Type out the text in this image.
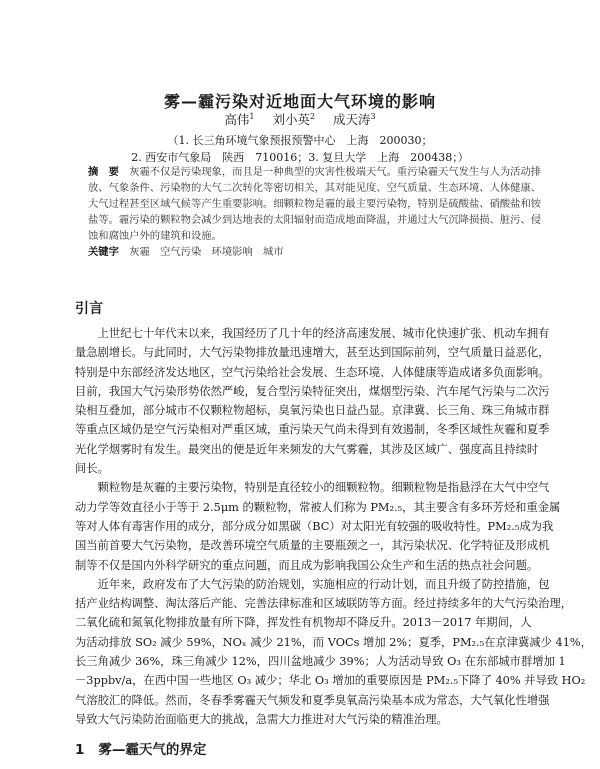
雾—霾污染对近地面大气环境的影响
高伟$^1$ 刘小英$^2$ 成天涛$^3$
（1. 长三角环境气象预报预警中心　上海　200030；
2. 西安市气象局　陕西　710016；3. 复旦大学　上海　200438；）
摘　要　 灰霾不仅是污染现象，而且是一种典型的灾害性极端天气。重污染霾天气发生与人为活动排
放、气象条件、污染物的大气二次转化等密切相关，其对能见度、空气质量、生态环境、人体健康、
大气过程甚至区域气候等产生重要影响。细颗粒物是霾的最主要污染物，特别是硫酸盐、硝酸盐和铵
盐等。霾污染的颗粒物会减少到达地表的太阳辐射而造成地面降温，并通过大气沉降损损、脏污、侵
蚀和腐蚀户外的建筑和设施。
关键字　 灰霾　空气污染　环境影响　城市
引言
　　上世纪七十年代末以来，我国经历了几十年的经济高速发展、城市化快速扩张、机动车拥有
量急剧增长。与此同时，大气污染物排放量迅速增大，甚至达到国际前列，空气质量日益恶化，
特别是中东部经济发达地区，空气污染给社会发展、生态环境、人体健康等造成诸多负面影响。
目前，我国大气污染形势依然严峻，复合型污染特征突出，煤烟型污染、汽车尾气污染与二次污
染相互叠加，部分城市不仅颗粒物超标，臭氧污染也日益凸显。京津冀、长三角、珠三角城市群
等重点区域仍是空气污染相对严重区域，重污染天气尚未得到有效遏制，冬季区域性灰霾和夏季
光化学烟雾时有发生。最突出的便是近年来频发的大气雾霾，其涉及区域广、强度高且持续时
间长。
　　颗粒物是灰霾的主要污染物，特别是直径较小的细颗粒物。细颗粒物是指悬浮在大气中空气
动力学等效直径小于等于 2.5μm 的颗粒物，常被人们称为 PM₂.₅，其主要含有多环芳烃和重金属
等对人体有毒害作用的成分，部分成分如黑碳（BC）对太阳光有较强的吸收特性。PM₂.₅成为我
国当前首要大气污染物，是改善环境空气质量的主要瓶颈之一，其污染状况、化学特征及形成机
制等不仅是国内外科学研究的重点问题，而且成为影响我国公众生产和生活的热点社会问题。
　　近年来，政府发布了大气污染的防治规划，实施相应的行动计划，而且升级了防控措施，包
括产业结构调整、淘汰落后产能、完善法律标准和区域联防等方面。经过持续多年的大气污染治理，
二氧化硫和氮氧化物排放量有所下降，挥发性有机物却不降反升。2013－2017 年期间，人
为活动排放 SO₂ 减少 59%，NOₓ 减少 21%，而 VOCs 增加 2%；夏季，PM₂.₅在京津冀减少 41%，
长三角减少 36%，珠三角减少 12%，四川盆地减少 39%；人为活动导致 O₃ 在东部城市群增加 1
－3ppbv/a，在西中国一些地区 O₃ 减少；华北 O₃ 增加的重要原因是 PM₂.₅下降了 40% 并导致 HO₂
气溶胶汇的降低。然而，冬春季雾霾天气频发和夏季臭氧高污染基本成为常态，大气氧化性增强
导致大气污染防治面临更大的挑战，急需大力推进对大气污染的精准治理。
1 雾—霾天气的界定
